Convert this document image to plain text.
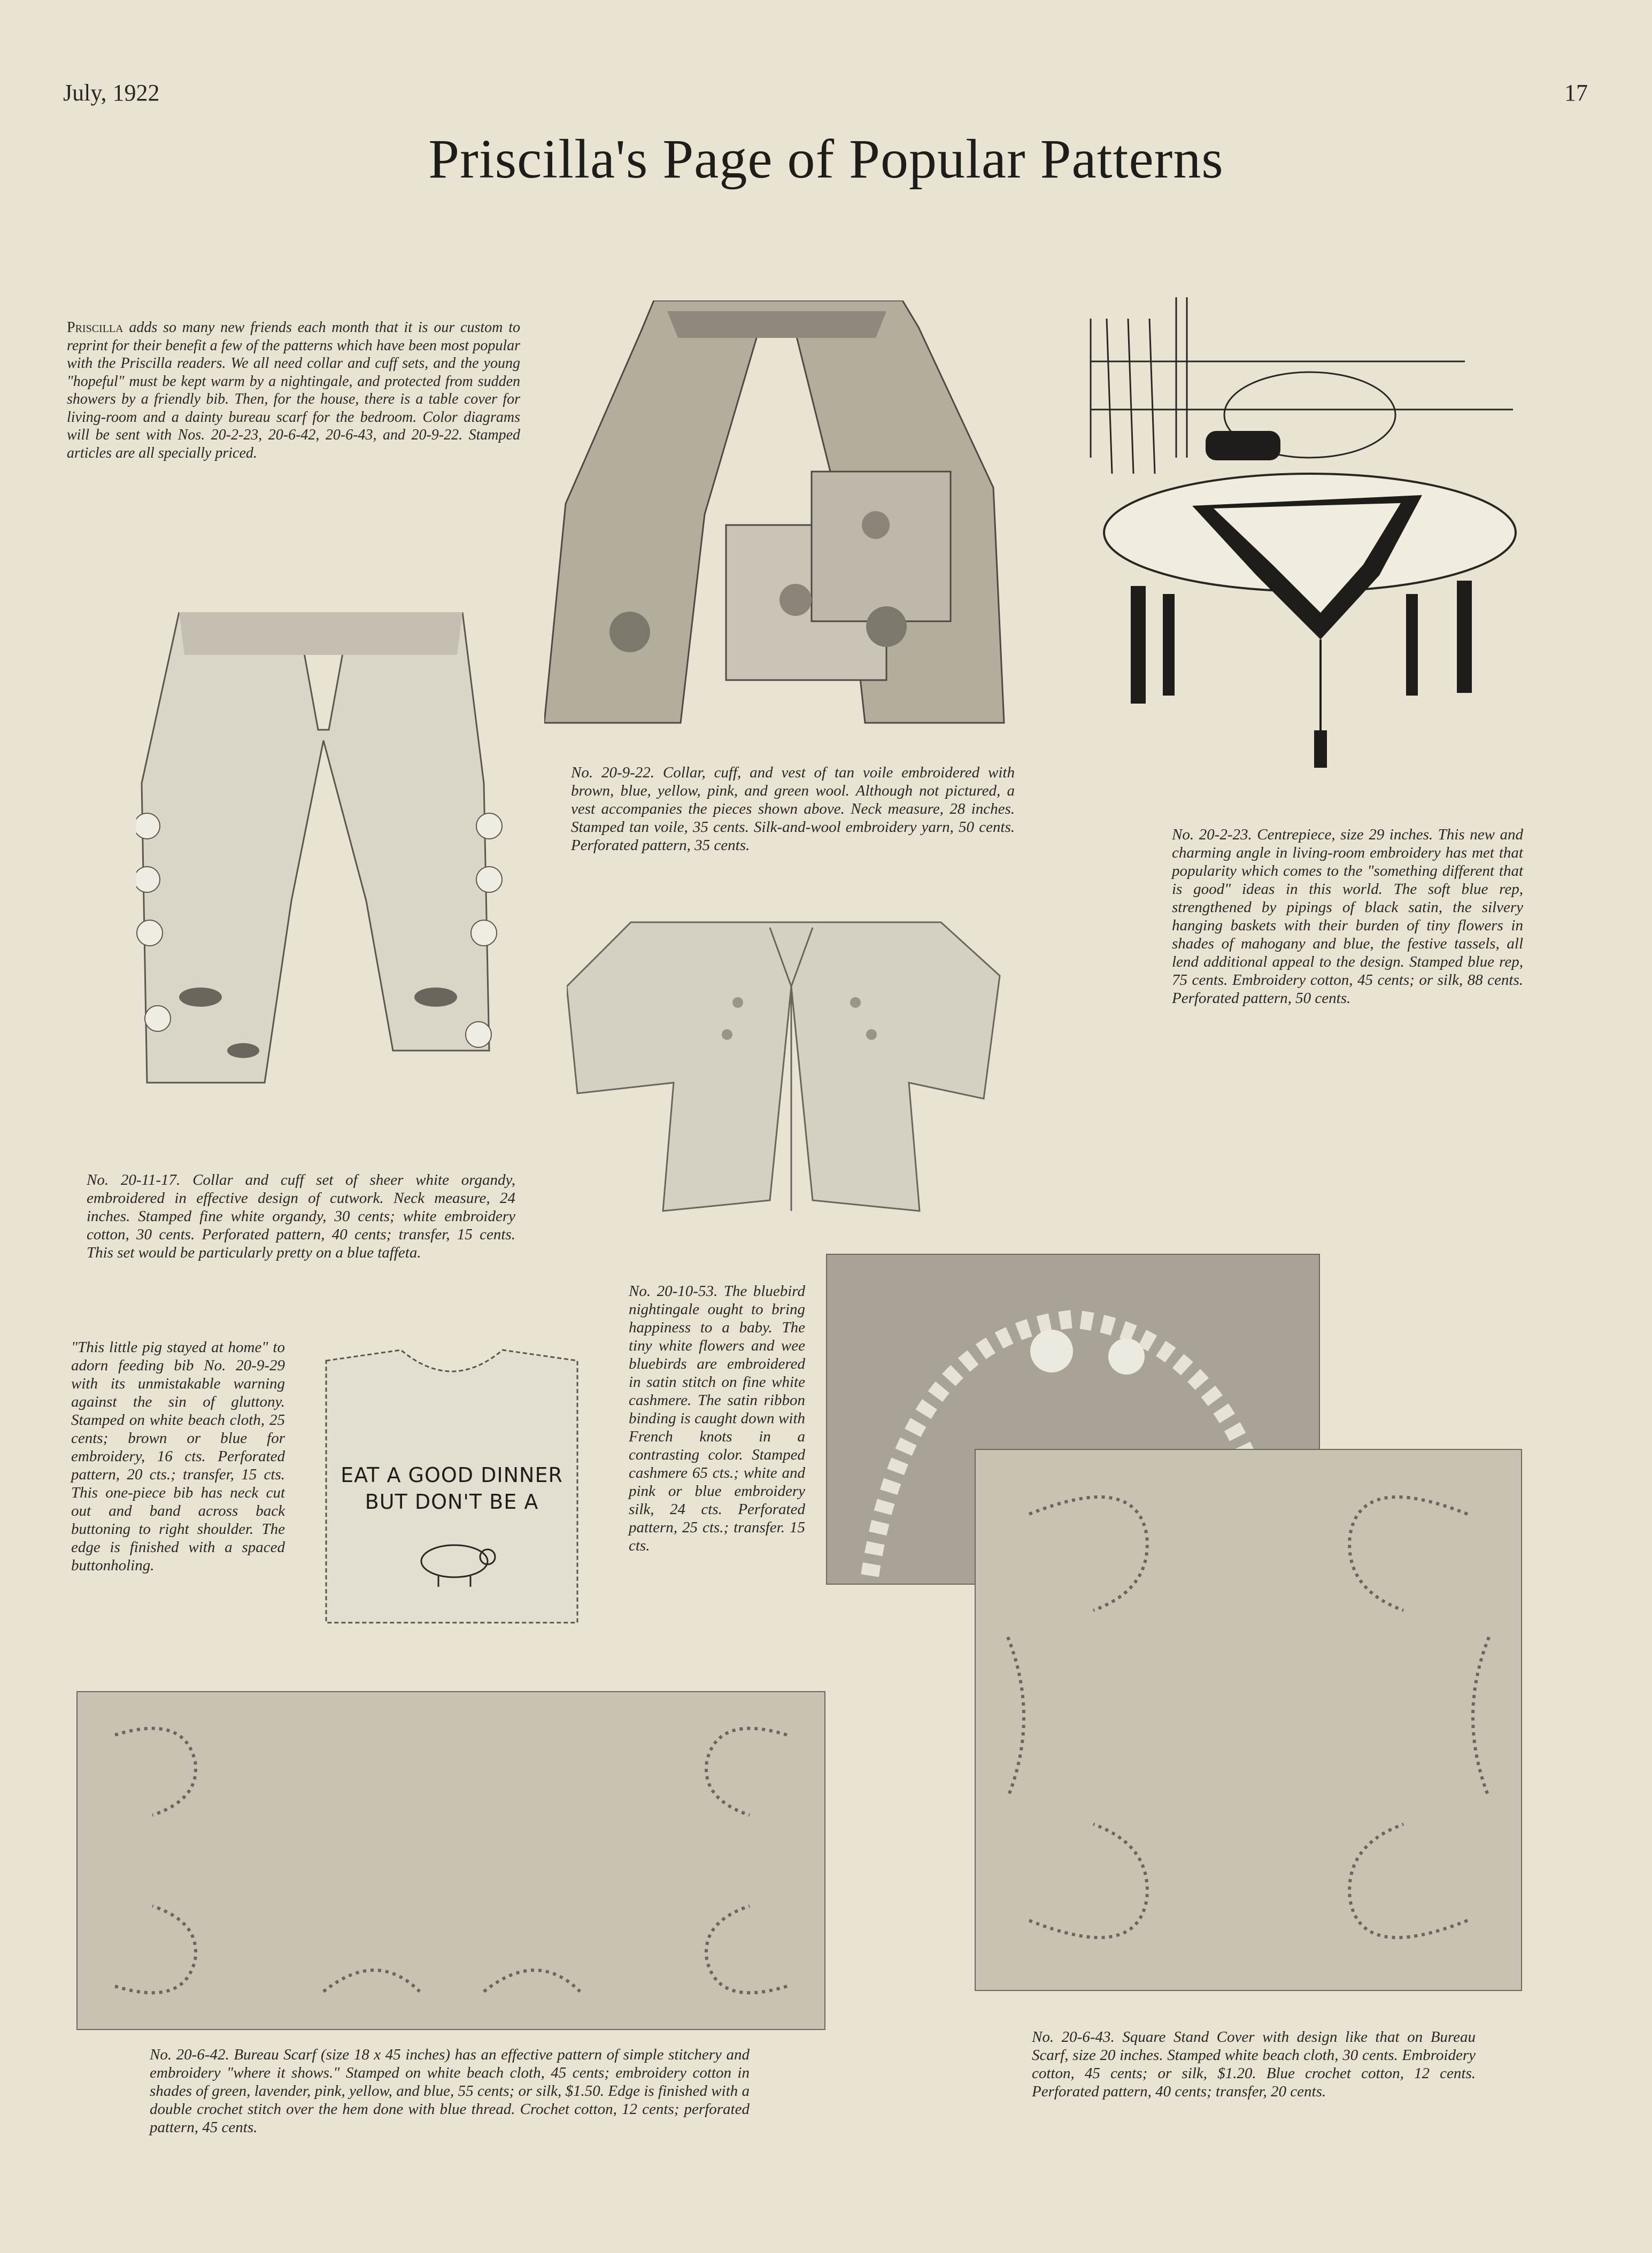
July, 1922	17
Priscilla's Page of Popular Patterns
Priscilla adds so many new friends each month that it is our custom to reprint for their benefit a few of the patterns which have been most popular with the Priscilla readers. We all need collar and cuff sets, and the young "hopeful" must be kept warm by a nightingale, and protected from sudden showers by a friendly bib. Then, for the house, there is a table cover for living-room and a dainty bureau scarf for the bedroom. Color diagrams will be sent with Nos. 20-2-23, 20-6-42, 20-6-43, and 20-9-22. Stamped articles are all specially priced.
No. 20-9-22. Collar, cuff, and vest of tan voile embroidered with brown, blue, yellow, pink, and green wool. Although not pictured, a vest accompanies the pieces shown above. Neck measure, 28 inches. Stamped tan voile, 35 cents. Silk-and-wool embroidery yarn, 50 cents. Perforated pattern, 35 cents.
No. 20-2-23. Centrepiece, size 29 inches. This new and charming angle in living-room embroidery has met that popularity which comes to the "something different that is good" ideas in this world. The soft blue rep, strengthened by pipings of black satin, the silvery hanging baskets with their burden of tiny flowers in shades of mahogany and blue, the festive tassels, all lend additional appeal to the design. Stamped blue rep, 75 cents. Embroidery cotton, 45 cents; or silk, 88 cents. Perforated pattern, 50 cents.
No. 20-11-17. Collar and cuff set of sheer white organdy, embroidered in effective design of cutwork. Neck measure, 24 inches. Stamped fine white organdy, 30 cents; white embroidery cotton, 30 cents. Perforated pattern, 40 cents; transfer, 15 cents. This set would be particularly pretty on a blue taffeta.
"This little pig stayed at home" to adorn feeding bib No. 20-9-29 with its unmistakable warning against the sin of gluttony. Stamped on white beach cloth, 25 cents; brown or blue for embroidery, 16 cts. Perforated pattern, 20 cts.; transfer, 15 cts. This one-piece bib has neck cut out and band across back buttoning to right shoulder. The edge is finished with a spaced buttonholing.
EAT A GOOD DINNER
BUT DON'T BE A
No. 20-10-53. The bluebird nightingale ought to bring happiness to a baby. The tiny white flowers and wee bluebirds are embroidered in satin stitch on fine white cashmere. The satin ribbon binding is caught down with French knots in a contrasting color. Stamped cashmere 65 cts.; white and pink or blue embroidery silk, 24 cts. Perforated pattern, 25 cts.; transfer. 15 cts.
No. 20-6-42. Bureau Scarf (size 18 x 45 inches) has an effective pattern of simple stitchery and embroidery "where it shows." Stamped on white beach cloth, 45 cents; embroidery cotton in shades of green, lavender, pink, yellow, and blue, 55 cents; or silk, $1.50. Edge is finished with a double crochet stitch over the hem done with blue thread. Crochet cotton, 12 cents; perforated pattern, 45 cents.
No. 20-6-43. Square Stand Cover with design like that on Bureau Scarf, size 20 inches. Stamped white beach cloth, 30 cents. Embroidery cotton, 45 cents; or silk, $1.20. Blue crochet cotton, 12 cents. Perforated pattern, 40 cents; transfer, 20 cents.
